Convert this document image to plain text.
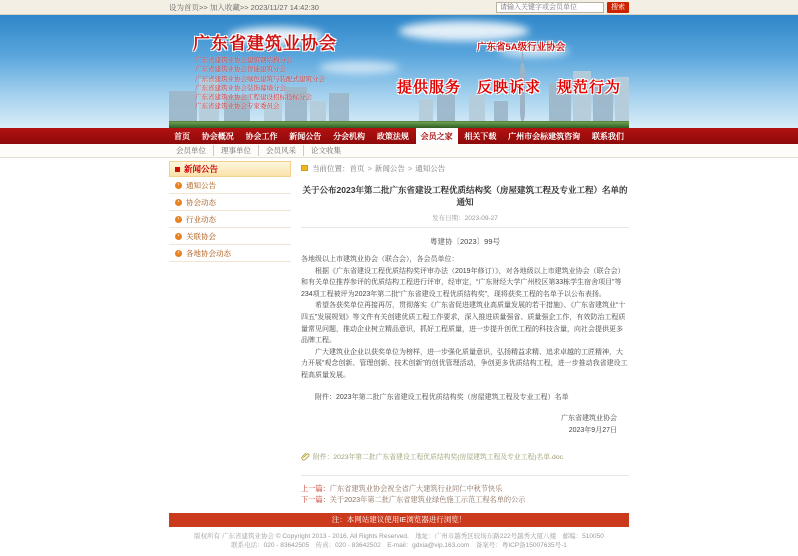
设为首页>> 加入收藏>> 2023/11/27 14:42:30
请输入关键字或会员单位	搜索
广东省建筑业协会
广东省建筑业协会建筑钢结构分会
广东省建筑业协会智能建筑分会
广东省建筑业协会绿色建筑与装配式建筑分会
广东省建筑业协会装饰幕墙分会
广东省建筑业协会工程建设招标投标分会
广东省建筑业协会专家委员会
广东省5A级行业协会
提供服务　反映诉求　规范行为
首页	协会概况	协会工作	新闻公告	分会机构	政策法规	会员之家	相关下载	广州市会标建筑咨询	联系我们
会员单位	理事单位	会员风采	论文收集
新闻公告
› 通知公告
› 协会动态
› 行业动态
› 关联协会
› 各地协会动态
当前位置： 首页 > 新闻公告 > 通知公告
关于公布2023年第二批广东省建设工程优质结构奖（房屋建筑工程及专业工程）名单的通知
发布日期：2023-09-27
粤建协〔2023〕99号

各地级以上市建筑业协会（联合会），各会员单位：

根据《广东省建设工程优质结构奖评审办法（2019年修订）》，对各地级以上市建筑业协会（联合会）和有关单位推荐参评的优质结构工程进行评审，经审定，“广东财经大学广州校区第33栋学生宿舍项目”等234项工程被评为2023年第二批“广东省建设工程优质结构奖”，现将获奖工程的名单予以公布表扬。

希望各获奖单位再接再厉，贯彻落实《广东省促进建筑业高质量发展的若干措施》、《广东省建筑业“十四五”发展规划》等文件有关创建优质工程工作要求，深入推进质量强省、质量强企工作，有效防治工程质量常见问题，推动企业树立精品意识，抓好工程质量，进一步提升创优工程的科技含量，向社会提供更多品牌工程。

广大建筑业企业以获奖单位为榜样，进一步强化质量意识，弘扬精益求精、追求卓越的工匠精神，大力开展“观念创新、管理创新、技术创新”的创优管理活动，争创更多优质结构工程，进一步推动我省建设工程高质量发展。

附件：2023年第二批广东省建设工程优质结构奖（房屋建筑工程及专业工程）名单

广东省建筑业协会
2023年9月27日
附件：2023年第二批广东省建设工程优质结构奖(房屋建筑工程及专业工程)名单.doc
上一篇：广东省建筑业协会祝全省广大建筑行业同仁中秋节快乐
下一篇：关于2023年第二批广东省建筑业绿色施工示范工程名单的公示
注：本网站建议使用IE浏览器进行浏览！
版权所有 广东省建筑业协会 © Copyright 2013 - 2016, All Rights Reserved.　地址：广州市越秀区较场东路222号越秀大厦八楼　邮编：510050
联系电话：020 - 83642505　传真：020 - 83642502　E-mail：gdxia@vip.163.com　备案号：粤ICP备15007635号-1
